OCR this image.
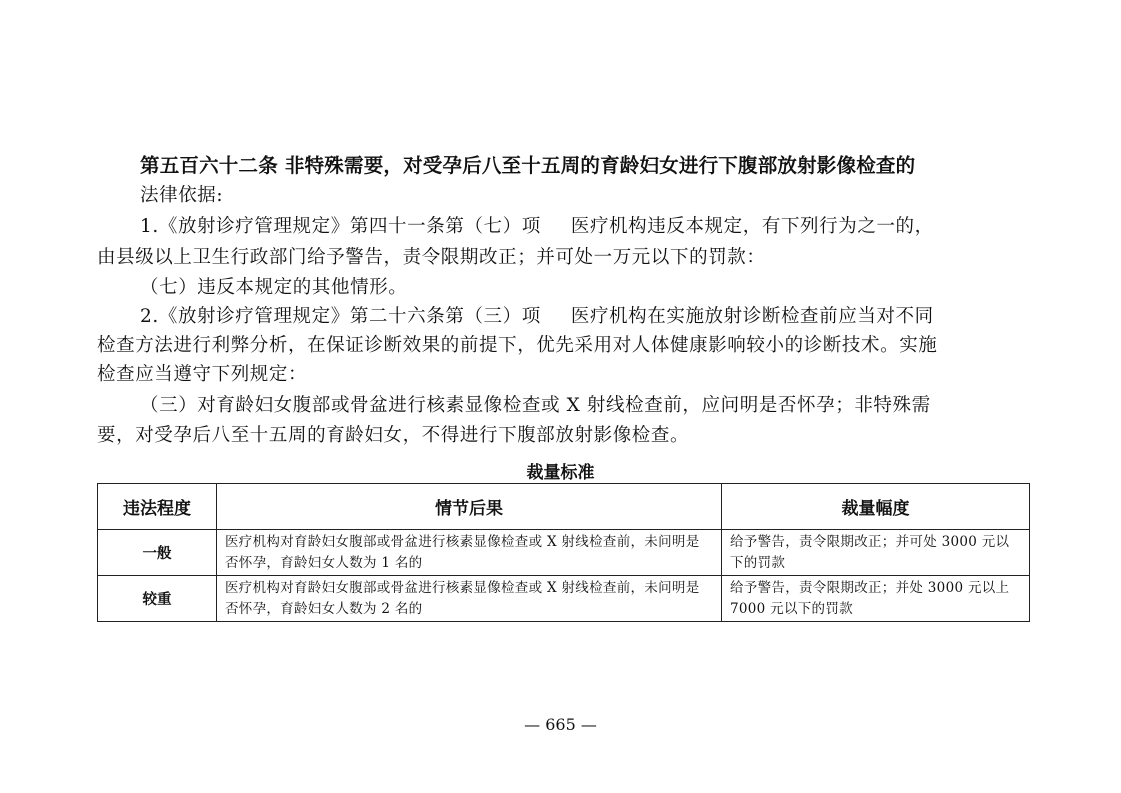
第五百六十二条 非特殊需要，对受孕后八至十五周的育龄妇女进行下腹部放射影像检查的
法律依据:
1.《放射诊疗管理规定》第四十一条第（七）项 医疗机构违反本规定，有下列行为之一的，
由县级以上卫生行政部门给予警告，责令限期改正；并可处一万元以下的罚款：
（七）违反本规定的其他情形。
2.《放射诊疗管理规定》第二十六条第（三）项 医疗机构在实施放射诊断检查前应当对不同
检查方法进行利弊分析，在保证诊断效果的前提下，优先采用对人体健康影响较小的诊断技术。实施
检查应当遵守下列规定：
（三）对育龄妇女腹部或骨盆进行核素显像检查或 X 射线检查前，应问明是否怀孕；非特殊需
要，对受孕后八至十五周的育龄妇女，不得进行下腹部放射影像检查。
裁量标准
违法程度	情节后果	裁量幅度
一般	医疗机构对育龄妇女腹部或骨盆进行核素显像检查或 X 射线检查前，未问明是否怀孕，育龄妇女人数为 1 名的	给予警告，责令限期改正；并可处 3000 元以下的罚款
较重	医疗机构对育龄妇女腹部或骨盆进行核素显像检查或 X 射线检查前，未问明是否怀孕，育龄妇女人数为 2 名的	给予警告，责令限期改正；并处 3000 元以上 7000 元以下的罚款
— 665 —
